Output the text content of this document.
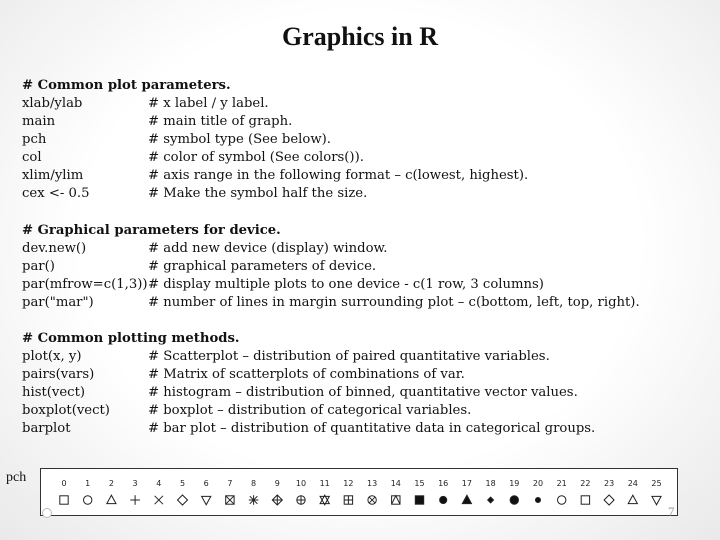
Graphics in R
# Common plot parameters.
xlab/ylab	# x label / y label.
main	# main title of graph.
pch	# symbol type (See below).
col	# color of symbol (See colors()).
xlim/ylim	# axis range in the following format – c(lowest, highest).
cex <- 0.5	# Make the symbol half the size.
# Graphical parameters for device.
dev.new()	# add new device (display) window.
par()	# graphical parameters of device.
par(mfrow=c(1,3))# display multiple plots to one device - c(1 row, 3 columns)
par("mar")	# number of lines in margin surrounding plot – c(bottom, left, top, right).
# Common plotting methods.
plot(x, y)	# Scatterplot – distribution of paired quantitative variables.
pairs(vars)	# Matrix of scatterplots of combinations of var.
hist(vect)	# histogram – distribution of binned, quantitative vector values.
boxplot(vect)	# boxplot – distribution of categorical variables.
barplot	# bar plot – distribution of quantitative data in categorical groups.
pch	0 1 2 3 4 5 6 7 8 9 10 11 12 13 14 15 16 17 18 19 20 21 22 23 24 25
7
